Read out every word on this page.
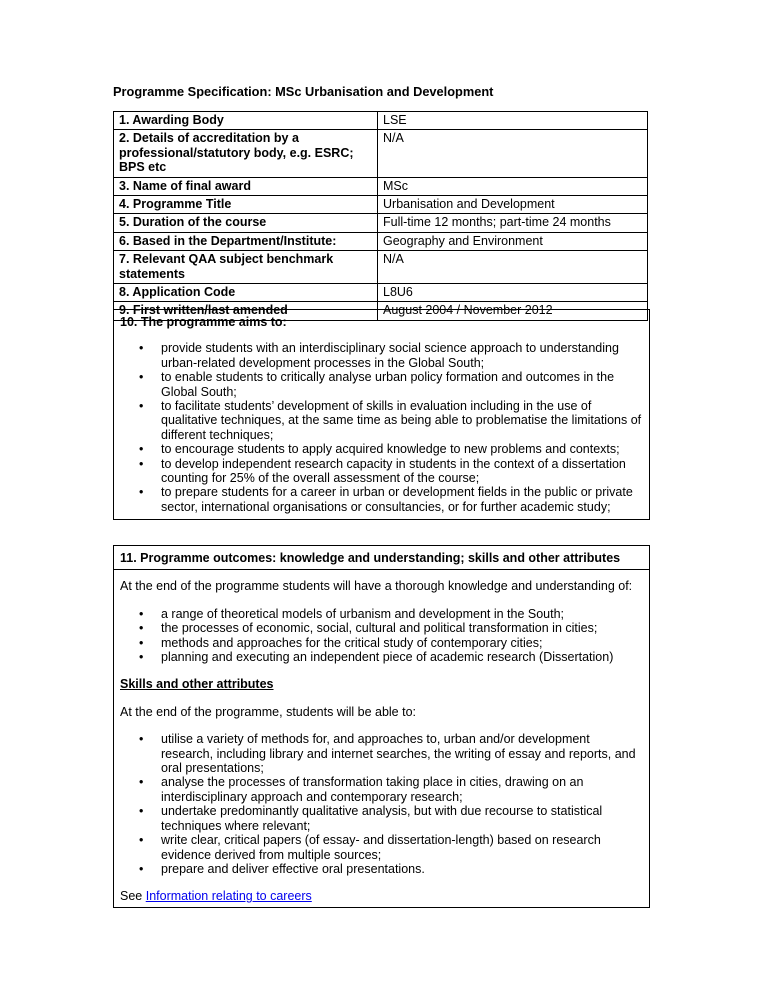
Programme Specification: MSc Urbanisation and Development
1. Awarding Body	LSE
2. Details of accreditation by a professional/statutory body, e.g. ESRC; BPS etc	N/A
3. Name of final award	MSc
4. Programme Title	Urbanisation and Development
5. Duration of the course	Full-time 12 months; part-time 24 months
6. Based in the Department/Institute:	Geography and Environment
7. Relevant QAA subject benchmark statements	N/A
8. Application Code	L8U6
9. First written/last amended	August 2004 / November 2012
10. The programme aims to:
• provide students with an interdisciplinary social science approach to understanding urban-related development processes in the Global South;
• to enable students to critically analyse urban policy formation and outcomes in the Global South;
• to facilitate students’ development of skills in evaluation including in the use of qualitative techniques, at the same time as being able to problematise the limitations of different techniques;
• to encourage students to apply acquired knowledge to new problems and contexts;
• to develop independent research capacity in students in the context of a dissertation counting for 25% of the overall assessment of the course;
• to prepare students for a career in urban or development fields in the public or private sector, international organisations or consultancies, or for further academic study;
11. Programme outcomes: knowledge and understanding; skills and other attributes
At the end of the programme students will have a thorough knowledge and understanding of:
• a range of theoretical models of urbanism and development in the South;
• the processes of economic, social, cultural and political transformation in cities;
• methods and approaches for the critical study of contemporary cities;
• planning and executing an independent piece of academic research (Dissertation)
Skills and other attributes
At the end of the programme, students will be able to:
• utilise a variety of methods for, and approaches to, urban and/or development research, including library and internet searches, the writing of essay and reports, and oral presentations;
• analyse the processes of transformation taking place in cities, drawing on an interdisciplinary approach and contemporary research;
• undertake predominantly qualitative analysis, but with due recourse to statistical techniques where relevant;
• write clear, critical papers (of essay- and dissertation-length) based on research evidence derived from multiple sources;
• prepare and deliver effective oral presentations.
See Information relating to careers
